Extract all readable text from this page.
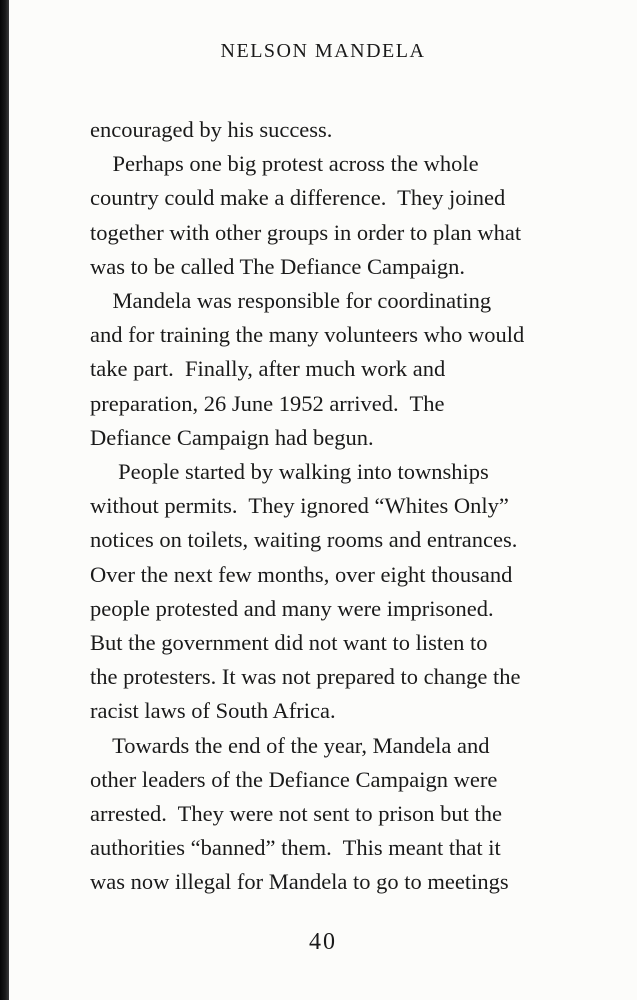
NELSON MANDELA

encouraged by his success.

Perhaps one big protest across the whole

country could make a difference.  They joined

together with other groups in order to plan what

was to be called The Defiance Campaign.

Mandela was responsible for coordinating

and for training the many volunteers who would

take part.  Finally, after much work and

preparation, 26 June 1952 arrived.  The

Defiance Campaign had begun.

People started by walking into townships

without permits.  They ignored “Whites Only”

notices on toilets, waiting rooms and entrances.

Over the next few months, over eight thousand

people protested and many were imprisoned.

But the government did not want to listen to

the protesters. It was not prepared to change the

racist laws of South Africa.

Towards the end of the year, Mandela and

other leaders of the Defiance Campaign were

arrested.  They were not sent to prison but the

authorities “banned” them.  This meant that it

was now illegal for Mandela to go to meetings

40
